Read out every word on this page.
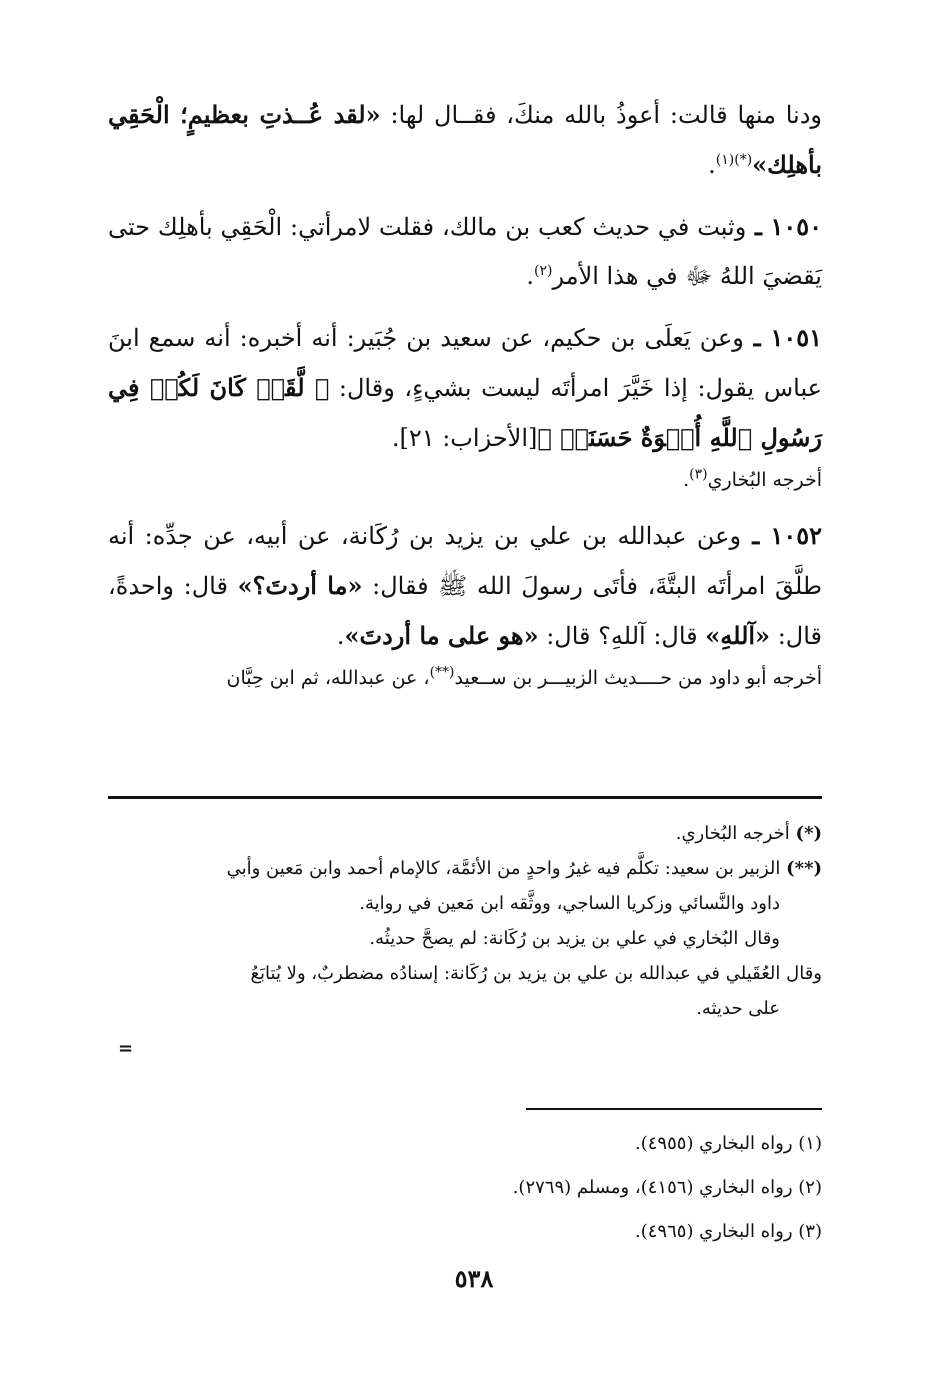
ودنا منها قالت: أعوذُ بالله منكَ، فقــال لها: «لقد عُــذتِ بعظيمٍ؛ الْحَقِي بأهلِك»$^{(*)(١)}$.

١٠٥٠ ـ وثبت في حديث كعب بن مالك، فقلت لامرأتي: الْحَقِي بأهلِك حتى يَقضيَ اللهُ ﷻ في هذا الأمر$^{(٢)}$.

١٠٥١ ـ وعن يَعلَى بن حكيم، عن سعيد بن جُبَير: أنه أخبره: أنه سمع ابنَ عباس يقول: إذا خَيَّرَ امرأتَه ليست بشيءٍ، وقال: ﴿ لَّقَدۡ كَانَ لَكُمۡ فِي رَسُولِ ٱللَّهِ أُسۡوَةٌ حَسَنَةٞ ﴾[الأحزاب: ٢١].

أخرجه البُخاري$^{(٣)}$.

١٠٥٢ ـ وعن عبدالله بن علي بن يزيد بن رُكَانة، عن أبيه، عن جدِّه: أنه طلَّقَ امرأتَه البتَّةَ، فأتَى رسولَ الله ﷺ فقال: «ما أردتَ؟» قال: واحدةً، قال: «آللهِ» قال: آللهِ؟ قال: «هو على ما أردتَ».

أخرجه أبو داود من حــــديث الزبيـــر بن ســعيد(**)، عن عبدالله، ثم ابن حِبَّان

(*) أخرجه البُخاري.

(**) الزبير بن سعيد: تكلَّم فيه غيرُ واحدٍ من الأئمَّة، كالإمام أحمد وابن مَعين وأبي

داود والنَّسائي وزكريا الساجي، ووثَّقه ابن مَعين في رواية.

وقال البُخاري في علي بن يزيد بن رُكَانة: لم يصحَّ حديثُه.

وقال العُقَيلي في عبدالله بن علي بن يزيد بن رُكَانة: إسنادُه مضطربٌ، ولا يُتابَعُ

على حديثه.

=

(١) رواه البخاري (٤٩٥٥).

(٢) رواه البخاري (٤١٥٦)، ومسلم (٢٧٦٩).

(٣) رواه البخاري (٤٩٦٥).

٥٣٨
